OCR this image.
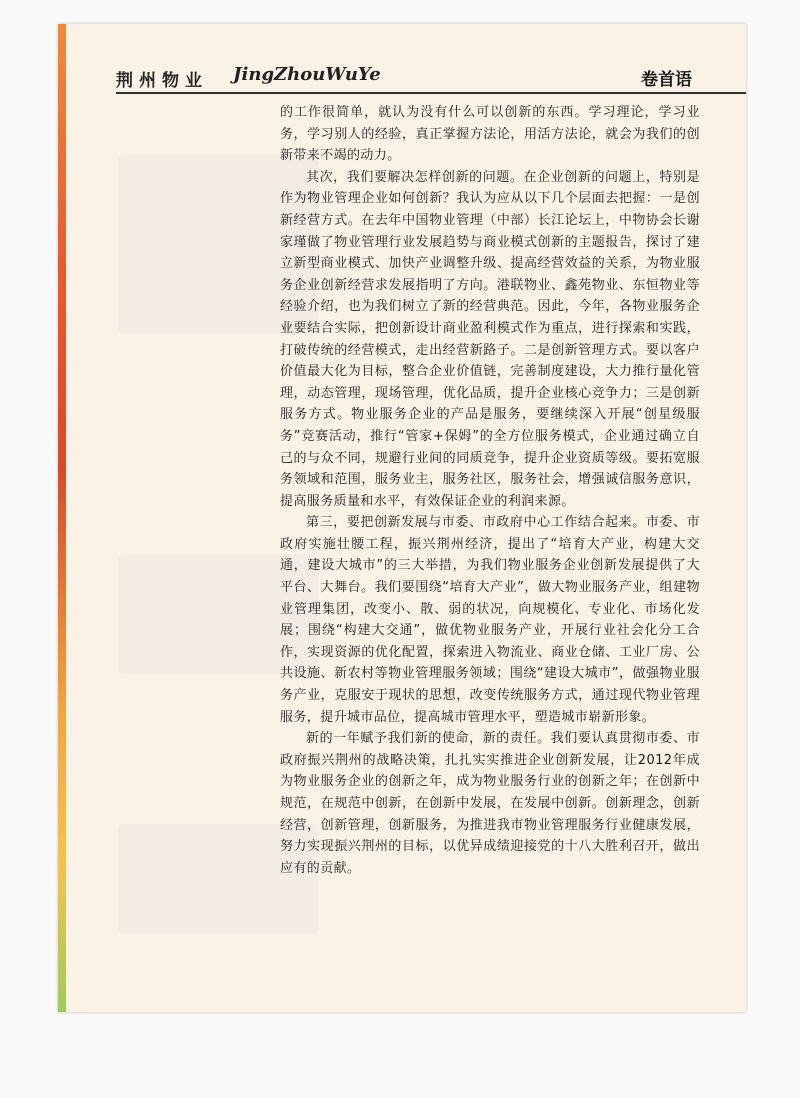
荆州物业 JingZhouWuYe	卷首语

的工作很简单，就认为没有什么可以创新的东西。学习理论，学习业务，学习别人的经验，真正掌握方法论，用活方法论，就会为我们的创新带来不竭的动力。

其次，我们要解决怎样创新的问题。在企业创新的问题上，特别是作为物业管理企业如何创新？我认为应从以下几个层面去把握：一是创新经营方式。在去年中国物业管理（中部）长江论坛上，中物协会长谢家瑾做了物业管理行业发展趋势与商业模式创新的主题报告，探讨了建立新型商业模式、加快产业调整升级、提高经营效益的关系，为物业服务企业创新经营求发展指明了方向。港联物业、鑫苑物业、东恒物业等经验介绍，也为我们树立了新的经营典范。因此，今年，各物业服务企业要结合实际，把创新设计商业盈利模式作为重点，进行探索和实践，打破传统的经营模式，走出经营新路子。二是创新管理方式。要以客户价值最大化为目标，整合企业价值链，完善制度建设，大力推行量化管理，动态管理，现场管理，优化品质，提升企业核心竞争力；三是创新服务方式。物业服务企业的产品是服务，要继续深入开展“创星级服务”竞赛活动，推行“管家+保姆”的全方位服务模式，企业通过确立自己的与众不同，规避行业间的同质竞争，提升企业资质等级。要拓宽服务领域和范围，服务业主，服务社区，服务社会，增强诚信服务意识，提高服务质量和水平，有效保证企业的利润来源。

第三，要把创新发展与市委、市政府中心工作结合起来。市委、市政府实施壮腰工程，振兴荆州经济，提出了“培育大产业，构建大交通，建设大城市”的三大举措，为我们物业服务企业创新发展提供了大平台、大舞台。我们要围绕“培育大产业”，做大物业服务产业，组建物业管理集团，改变小、散、弱的状况，向规模化、专业化、市场化发展；围绕“构建大交通”，做优物业服务产业，开展行业社会化分工合作，实现资源的优化配置，探索进入物流业、商业仓储、工业厂房、公共设施、新农村等物业管理服务领域；围绕“建设大城市”，做强物业服务产业，克服安于现状的思想，改变传统服务方式，通过现代物业管理服务，提升城市品位，提高城市管理水平，塑造城市崭新形象。

新的一年赋予我们新的使命，新的责任。我们要认真贯彻市委、市政府振兴荆州的战略决策，扎扎实实推进企业创新发展，让2012年成为物业服务企业的创新之年，成为物业服务行业的创新之年；在创新中规范，在规范中创新，在创新中发展，在发展中创新。创新理念，创新经营，创新管理，创新服务，为推进我市物业管理服务行业健康发展，努力实现振兴荆州的目标，以优异成绩迎接党的十八大胜利召开，做出应有的贡献。
